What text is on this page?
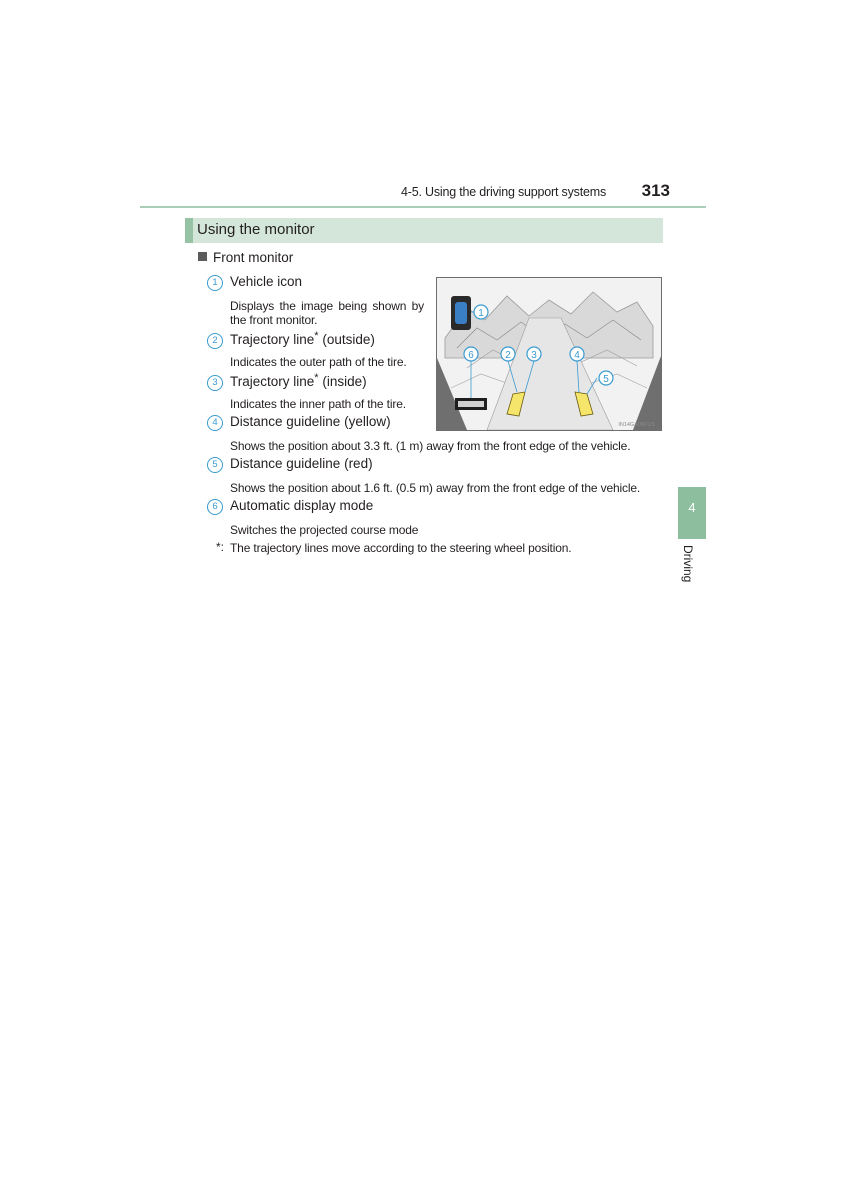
4-5. Using the driving support systems 313
Using the monitor
Front monitor
1 Vehicle icon
Displays the image being shown by the front monitor.
2 Trajectory line* (outside)
Indicates the outer path of the tire.
3 Trajectory line* (inside)
Indicates the inner path of the tire.
4 Distance guideline (yellow)
Shows the position about 3.3 ft. (1 m) away from the front edge of the vehicle.
5 Distance guideline (red)
Shows the position about 1.6 ft. (0.5 m) away from the front edge of the vehicle.
6 Automatic display mode
Switches the projected course mode
*: The trajectory lines move according to the steering wheel position.
1
6	2 3	4
5
IN14GA08FUS
4
Driving
